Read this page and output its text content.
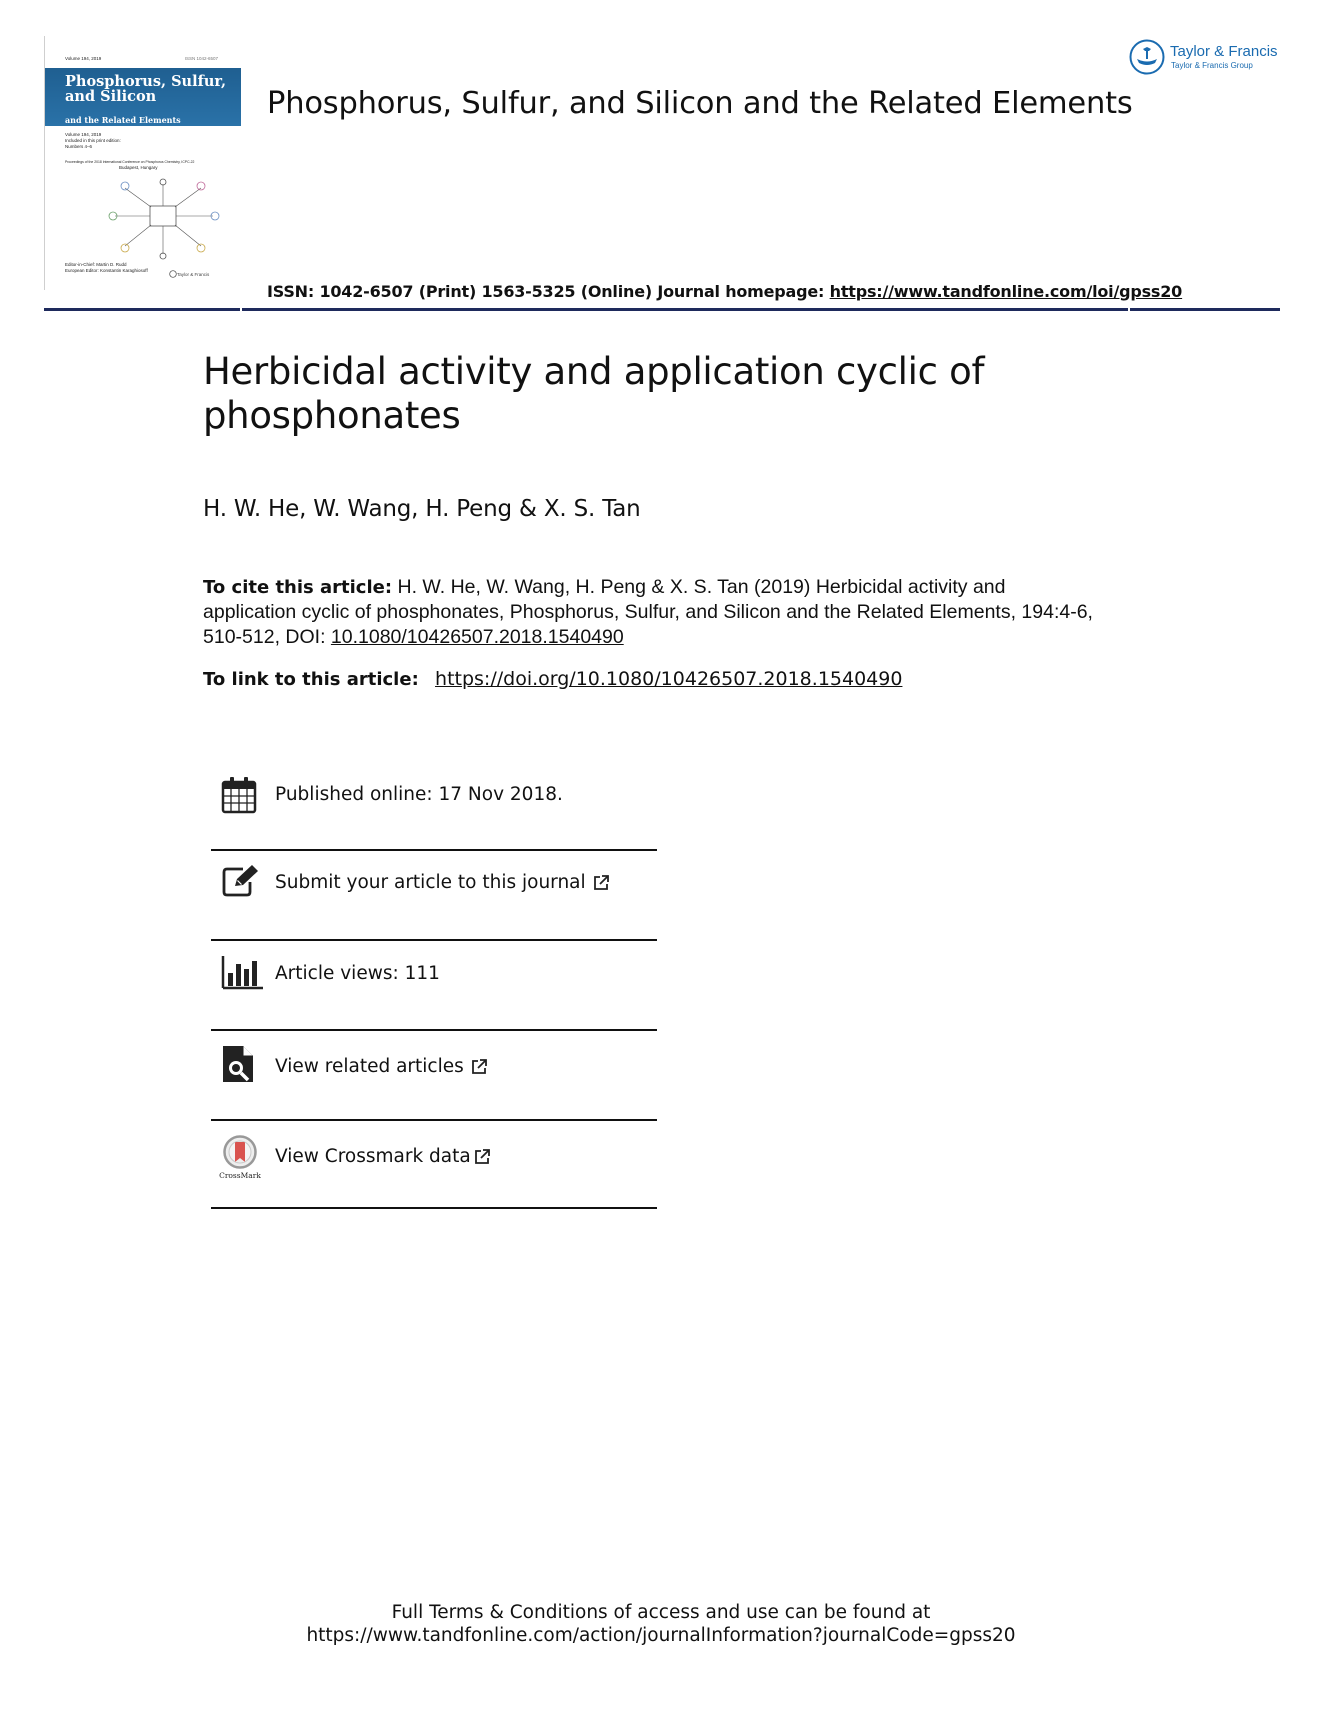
Volume 194, 2019	ISSN 1042-6507
Phosphorus, Sulfur, and Silicon
and the Related Elements
Volume 194, 2019
Included in this print edition:
Numbers 4–6
Proceedings of the 2018 International Conference on Phosphorus Chemistry, ICPC-22
Budapest, Hungary
Editor-in-Chief: Martin D. Rudd
European Editor: Konstantin Karaghiosoff
Taylor & Francis
Taylor & Francis
Taylor & Francis Group
Phosphorus, Sulfur, and Silicon and the Related Elements
ISSN: 1042-6507 (Print) 1563-5325 (Online) Journal homepage: https://www.tandfonline.com/loi/gpss20
Herbicidal activity and application cyclic of phosphonates
H. W. He, W. Wang, H. Peng & X. S. Tan
To cite this article: H. W. He, W. Wang, H. Peng & X. S. Tan (2019) Herbicidal activity and application cyclic of phosphonates, Phosphorus, Sulfur, and Silicon and the Related Elements, 194:4-6, 510-512, DOI: 10.1080/10426507.2018.1540490
To link to this article: https://doi.org/10.1080/10426507.2018.1540490
Published online: 17 Nov 2018.
Submit your article to this journal
Article views: 111
View related articles
CrossMark
View Crossmark data
Full Terms & Conditions of access and use can be found at
https://www.tandfonline.com/action/journalInformation?journalCode=gpss20
